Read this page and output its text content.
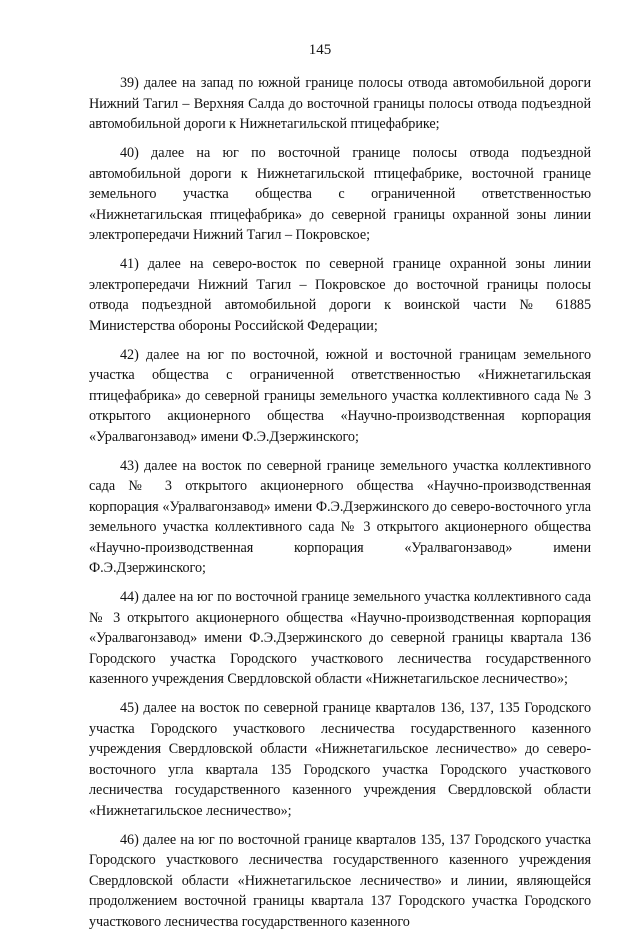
145

39) далее на запад по южной границе полосы отвода автомобильной дороги Нижний Тагил – Верхняя Салда до восточной границы полосы отвода подъездной автомобильной дороги к Нижнетагильской птицефабрике;

40) далее на юг по восточной границе полосы отвода подъездной автомобильной дороги к Нижнетагильской птицефабрике, восточной границе земельного участка общества с ограниченной ответственностью «Нижнетагильская птицефабрика» до северной границы охранной зоны линии электропередачи Нижний Тагил – Покровское;

41) далее на северо-восток по северной границе охранной зоны линии электропередачи Нижний Тагил – Покровское до восточной границы полосы отвода подъездной автомобильной дороги к воинской части № 61885 Министерства обороны Российской Федерации;

42) далее на юг по восточной, южной и восточной границам земельного участка общества с ограниченной ответственностью «Нижнетагильская птицефабрика» до северной границы земельного участка коллективного сада № 3 открытого акционерного общества «Научно-производственная корпорация «Уралвагонзавод» имени Ф.Э.Дзержинского;

43) далее на восток по северной границе земельного участка коллективного сада № 3 открытого акционерного общества «Научно-производственная корпорация «Уралвагонзавод» имени Ф.Э.Дзержинского до северо-восточного угла земельного участка коллективного сада № 3 открытого акционерного общества «Научно-производственная корпорация «Уралвагонзавод» имени Ф.Э.Дзержинского;

44) далее на юг по восточной границе земельного участка коллективного сада № 3 открытого акционерного общества «Научно-производственная корпорация «Уралвагонзавод» имени Ф.Э.Дзержинского до северной границы квартала 136 Городского участка Городского участкового лесничества государственного казенного учреждения Свердловской области «Нижнетагильское лесничество»;

45) далее на восток по северной границе кварталов 136, 137, 135 Городского участка Городского участкового лесничества государственного казенного учреждения Свердловской области «Нижнетагильское лесничество» до северо-восточного угла квартала 135 Городского участка Городского участкового лесничества государственного казенного учреждения Свердловской области «Нижнетагильское лесничество»;

46) далее на юг по восточной границе кварталов 135, 137 Городского участка Городского участкового лесничества государственного казенного учреждения Свердловской области «Нижнетагильское лесничество» и линии, являющейся продолжением восточной границы квартала 137 Городского участка Городского участкового лесничества государственного казенного
